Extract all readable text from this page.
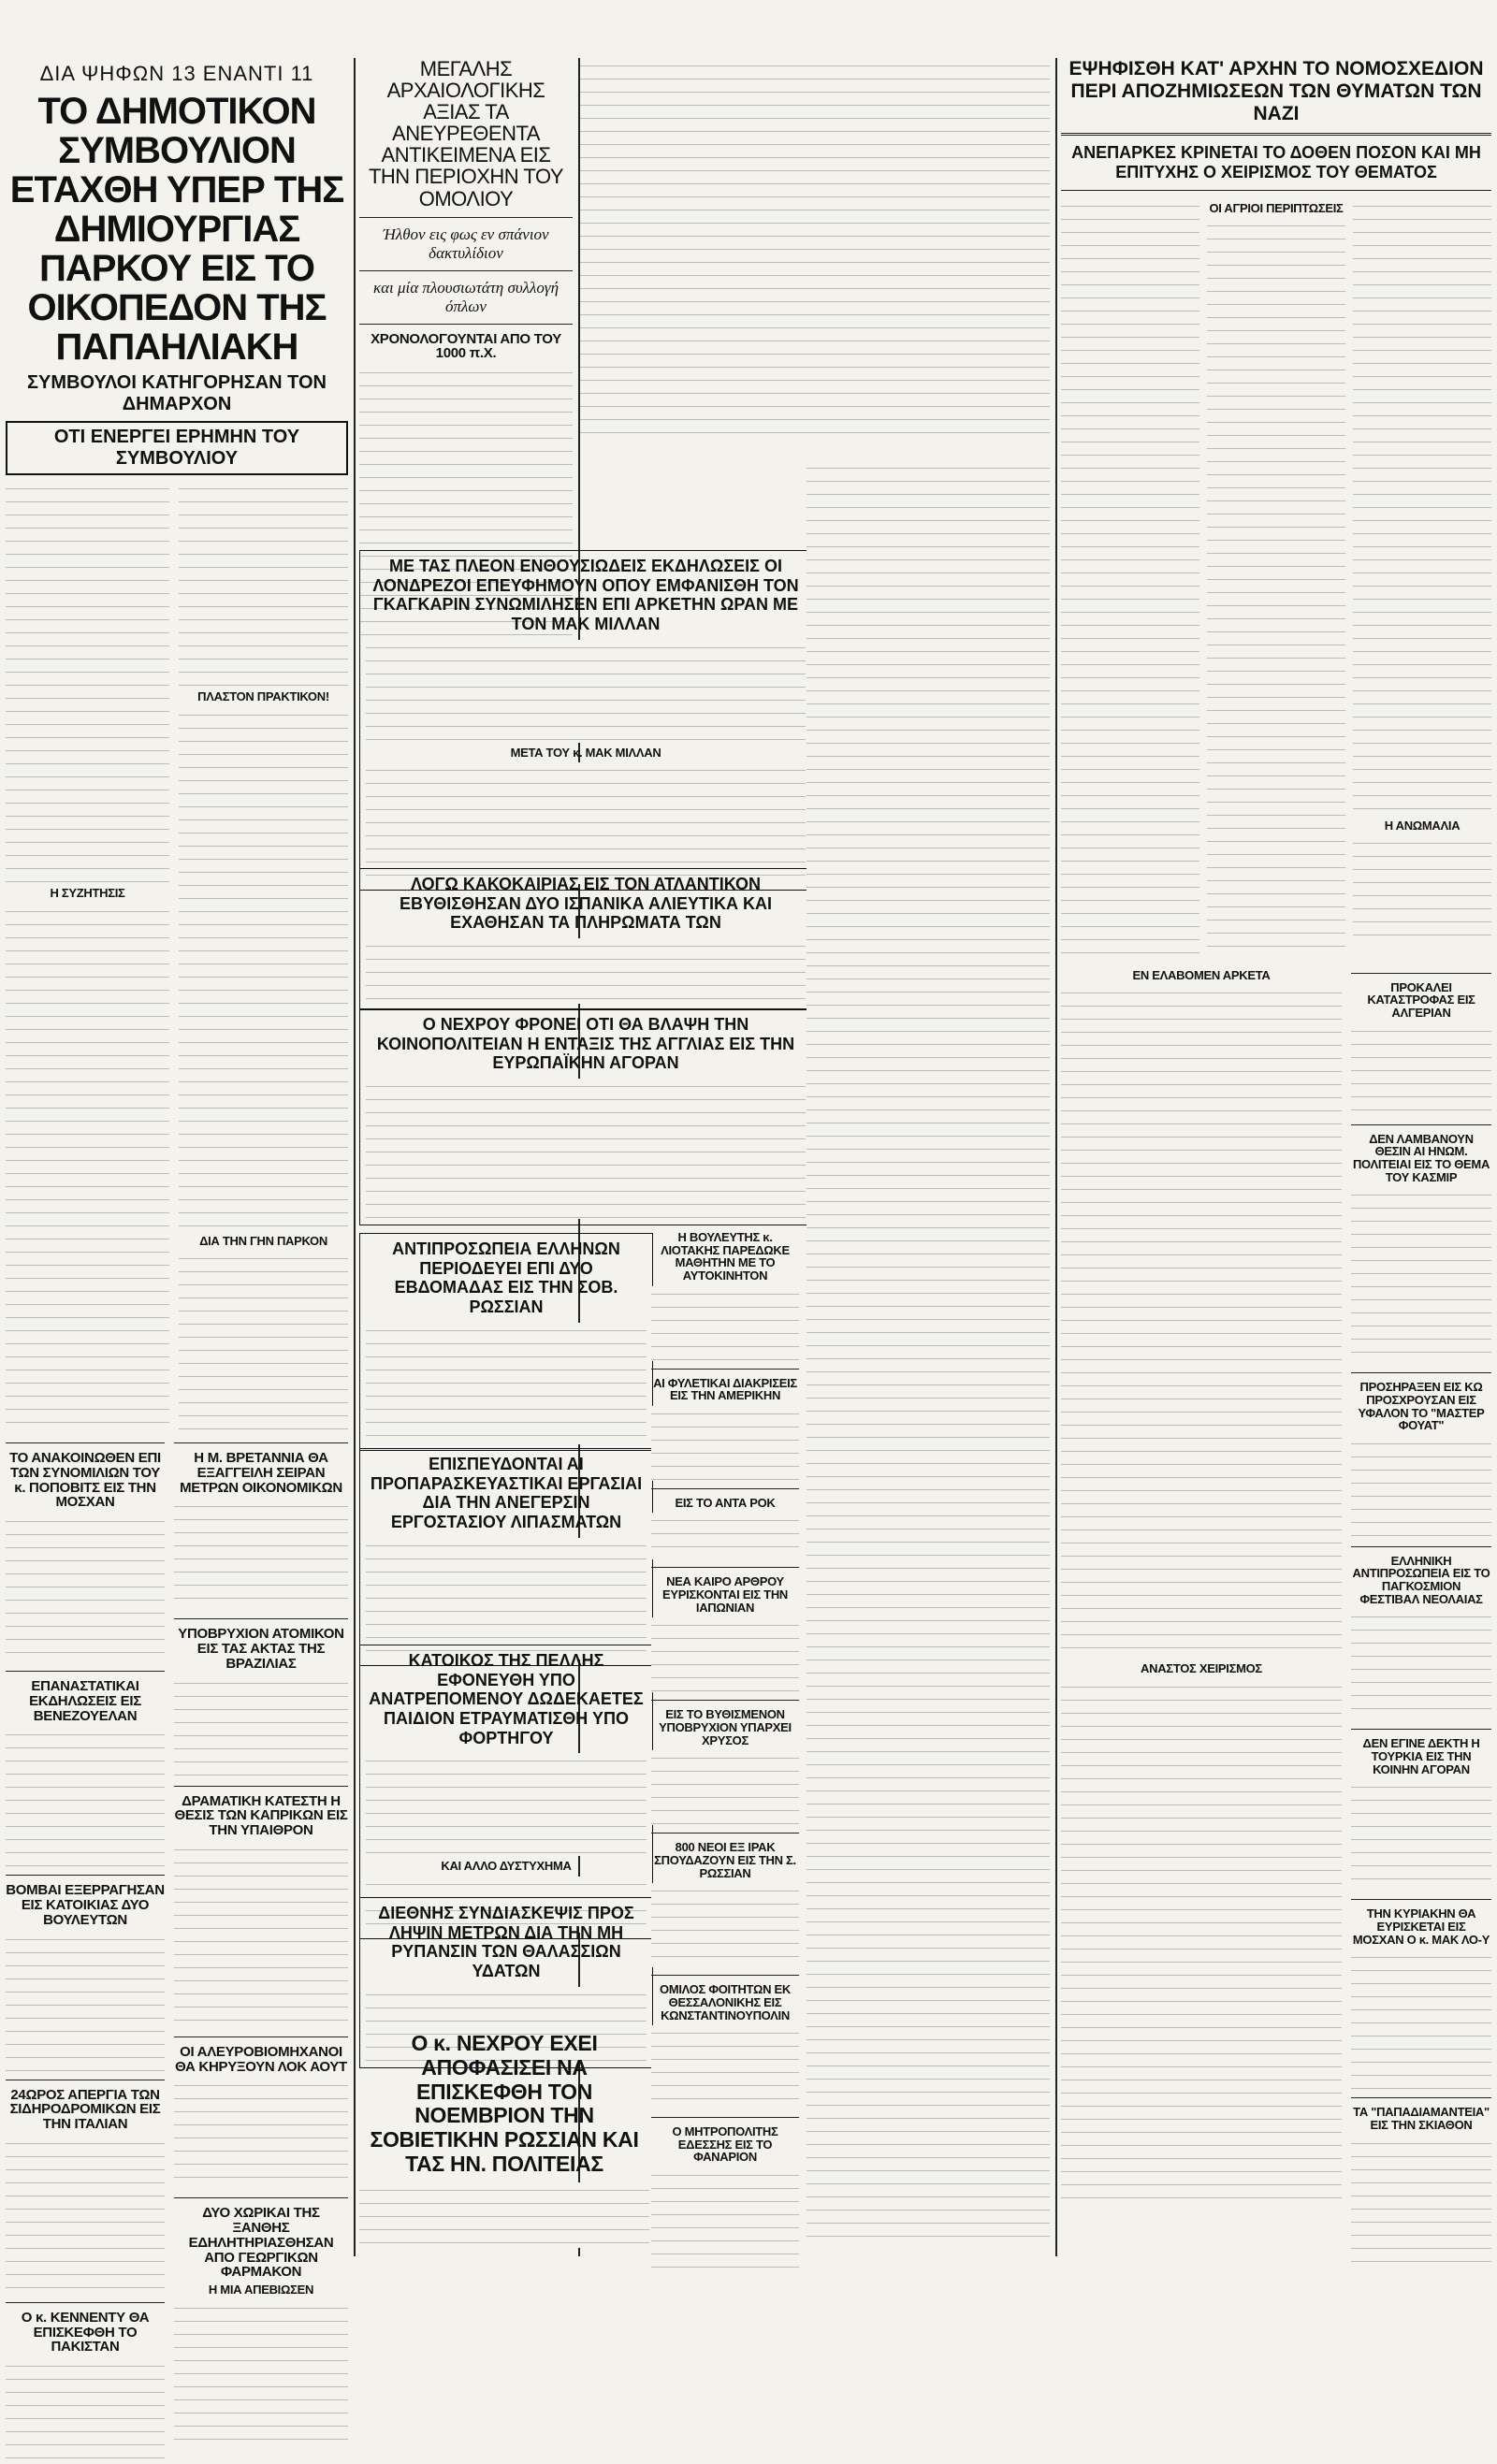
ΔΙΑ ΨΗΦΩΝ 13 ΕΝΑΝΤΙ 11
ΤΟ ΔΗΜΟΤΙΚΟΝ ΣΥΜΒΟΥΛΙΟΝ ΕΤΑΧΘΗ ΥΠΕΡ ΤΗΣ ΔΗΜΙΟΥΡΓΙΑΣ ΠΑΡΚΟΥ ΕΙΣ ΤΟ ΟΙΚΟΠΕΔΟΝ ΤΗΣ ΠΑΠΑΗΛΙΑΚΗ
ΣΥΜΒΟΥΛΟΙ ΚΑΤΗΓΟΡΗΣΑΝ ΤΟΝ ΔΗΜΑΡΧΟΝ
ΟΤΙ ΕΝΕΡΓΕΙ ΕΡΗΜΗΝ ΤΟΥ ΣΥΜΒΟΥΛΙΟΥ
Η ΣΥΖΗΤΗΣΙΣ
ΠΛΑΣΤΟΝ ΠΡΑΚΤΙΚΟΝ!
ΔΙΑ ΤΗΝ ΓΗΝ ΠΑΡΚΟΝ
ΤΟ ΑΝΑΚΟΙΝΩΘΕΝ ΕΠΙ ΤΩΝ ΣΥΝΟΜΙΛΙΩΝ ΤΟΥ κ. ΠΟΠΟΒΙΤΣ ΕΙΣ ΤΗΝ ΜΟΣΧΑΝ
ΕΠΑΝΑΣΤΑΤΙΚΑΙ ΕΚΔΗΛΩΣΕΙΣ ΕΙΣ ΒΕΝΕΖΟΥΕΛΑΝ
ΒΟΜΒΑΙ ΕΞΕΡΡΑΓΗΣΑΝ ΕΙΣ ΚΑΤΟΙΚΙΑΣ ΔΥΟ ΒΟΥΛΕΥΤΩΝ
24ΩΡΟΣ ΑΠΕΡΓΙΑ ΤΩΝ ΣΙΔΗΡΟΔΡΟΜΙΚΩΝ ΕΙΣ ΤΗΝ ΙΤΑΛΙΑΝ
Ο κ. ΚΕΝΝΕΝΤΥ ΘΑ ΕΠΙΣΚΕΦΘΗ ΤΟ ΠΑΚΙΣΤΑΝ
Η Μ. ΒΡΕΤΑΝΝΙΑ ΘΑ ΕΞΑΓΓΕΙΛΗ ΣΕΙΡΑΝ ΜΕΤΡΩΝ ΟΙΚΟΝΟΜΙΚΩΝ
ΥΠΟΒΡΥΧΙΟΝ ΑΤΟΜΙΚΟΝ ΕΙΣ ΤΑΣ ΑΚΤΑΣ ΤΗΣ ΒΡΑΖΙΛΙΑΣ
ΔΡΑΜΑΤΙΚΗ ΚΑΤΕΣΤΗ Η ΘΕΣΙΣ ΤΩΝ ΚΑΠΡΙΚΩΝ ΕΙΣ ΤΗΝ ΥΠΑΙΘΡΟΝ
ΟΙ ΑΛΕΥΡΟΒΙΟΜΗΧΑΝΟΙ ΘΑ ΚΗΡΥΞΟΥΝ ΛΟΚ ΑΟΥΤ
ΔΥΟ ΧΩΡΙΚΑΙ ΤΗΣ ΞΑΝΘΗΣ ΕΔΗΛΗΤΗΡΙΑΣΘΗΣΑΝ ΑΠΟ ΓΕΩΡΓΙΚΩΝ ΦΑΡΜΑΚΟΝ
Η ΜΙΑ ΑΠΕΒΙΩΣΕΝ
ΜΕΓΑΛΗΣ ΑΡΧΑΙΟΛΟΓΙΚΗΣ ΑΞΙΑΣ ΤΑ ΑΝΕΥΡΕΘΕΝΤΑ ΑΝΤΙΚΕΙΜΕΝΑ ΕΙΣ ΤΗΝ ΠΕΡΙΟΧΗΝ ΤΟΥ ΟΜΟΛΙΟΥ
Ήλθον εις φως εν σπάνιον δακτυλίδιον
και μία πλουσιωτάτη συλλογή όπλων
ΧΡΟΝΟΛΟΓΟΥΝΤΑΙ ΑΠΟ ΤΟΥ 1000 π.Χ.
ΜΕ ΤΑΣ ΠΛΕΟΝ ΕΝΘΟΥΣΙΩΔΕΙΣ ΕΚΔΗΛΩΣΕΙΣ ΟΙ ΛΟΝΔΡΕΖΟΙ ΕΠΕΥΦΗΜΟΥΝ ΟΠΟΥ ΕΜΦΑΝΙΣΘΗ ΤΟΝ ΓΚΑΓΚΑΡΙΝ ΣΥΝΩΜΙΛΗΣΕΝ ΕΠΙ ΑΡΚΕΤΗΝ ΩΡΑΝ ΜΕ ΤΟΝ ΜΑΚ ΜΙΛΛΑΝ
ΜΕΤΑ ΤΟΥ κ. ΜΑΚ ΜΙΛΛΑΝ
ΛΟΓΩ ΚΑΚΟΚΑΙΡΙΑΣ ΕΙΣ ΤΟΝ ΑΤΛΑΝΤΙΚΟΝ ΕΒΥΘΙΣΘΗΣΑΝ ΔΥΟ ΙΣΠΑΝΙΚΑ ΑΛΙΕΥΤΙΚΑ ΚΑΙ ΕΧΑΘΗΣΑΝ ΤΑ ΠΛΗΡΩΜΑΤΑ ΤΩΝ
Ο ΝΕΧΡΟΥ ΦΡΟΝΕΙ ΟΤΙ ΘΑ ΒΛΑΨΗ ΤΗΝ ΚΟΙΝΟΠΟΛΙΤΕΙΑΝ Η ΕΝΤΑΞΙΣ ΤΗΣ ΑΓΓΛΙΑΣ ΕΙΣ ΤΗΝ ΕΥΡΩΠΑΪΚΗΝ ΑΓΟΡΑΝ
ΑΝΤΙΠΡΟΣΩΠΕΙΑ ΕΛΛΗΝΩΝ ΠΕΡΙΟΔΕΥΕΙ ΕΠΙ ΔΥΟ ΕΒΔΟΜΑΔΑΣ ΕΙΣ ΤΗΝ ΣΟΒ. ΡΩΣΣΙΑΝ
ΕΠΙΣΠΕΥΔΟΝΤΑΙ ΑΙ ΠΡΟΠΑΡΑΣΚΕΥΑΣΤΙΚΑΙ ΕΡΓΑΣΙΑΙ ΔΙΑ ΤΗΝ ΑΝΕΓΕΡΣΙΝ ΕΡΓΟΣΤΑΣΙΟΥ ΛΙΠΑΣΜΑΤΩΝ
ΚΑΤΟΙΚΟΣ ΤΗΣ ΠΕΛΛΗΣ ΕΦΟΝΕΥΘΗ ΥΠΟ ΑΝΑΤΡΕΠΟΜΕΝΟΥ ΔΩΔΕΚΑΕΤΕΣ ΠΑΙΔΙΟΝ ΕΤΡΑΥΜΑΤΙΣΘΗ ΥΠΟ ΦΟΡΤΗΓΟΥ
ΚΑΙ ΑΛΛΟ ΔΥΣΤΥΧΗΜΑ
ΔΙΕΘΝΗΣ ΣΥΝΔΙΑΣΚΕΨΙΣ ΠΡΟΣ ΛΗΨΙΝ ΜΕΤΡΩΝ ΔΙΑ ΤΗΝ ΜΗ ΡΥΠΑΝΣΙΝ ΤΩΝ ΘΑΛΑΣΣΙΩΝ ΥΔΑΤΩΝ
Ο κ. ΝΕΧΡΟΥ ΕΧΕΙ ΑΠΟΦΑΣΙΣΕΙ ΝΑ ΕΠΙΣΚΕΦΘΗ ΤΟΝ ΝΟΕΜΒΡΙΟΝ ΤΗΝ ΣΟΒΙΕΤΙΚΗΝ ΡΩΣΣΙΑΝ ΚΑΙ ΤΑΣ ΗΝ. ΠΟΛΙΤΕΙΑΣ
Η ΒΟΥΛΕΥΤΗΣ κ. ΛΙΟΤΑΚΗΣ ΠΑΡΕΔΩΚΕ ΜΑΘΗΤΗΝ ΜΕ ΤΟ ΑΥΤΟΚΙΝΗΤΟΝ
ΑΙ ΦΥΛΕΤΙΚΑΙ ΔΙΑΚΡΙΣΕΙΣ ΕΙΣ ΤΗΝ ΑΜΕΡΙΚΗΝ
ΕΙΣ ΤΟ ΑΝΤΑ ΡΟΚ
ΝΕΑ ΚΑΙΡΟ ΑΡΘΡΟΥ ΕΥΡΙΣΚΟΝΤΑΙ ΕΙΣ ΤΗΝ ΙΑΠΩΝΙΑΝ
ΕΙΣ ΤΟ ΒΥΘΙΣΜΕΝΟΝ ΥΠΟΒΡΥΧΙΟΝ ΥΠΑΡΧΕΙ ΧΡΥΣΟΣ
800 ΝΕΟΙ ΕΞ ΙΡΑΚ ΣΠΟΥΔΑΖΟΥΝ ΕΙΣ ΤΗΝ Σ. ΡΩΣΣΙΑΝ
ΟΜΙΛΟΣ ΦΟΙΤΗΤΩΝ ΕΚ ΘΕΣΣΑΛΟΝΙΚΗΣ ΕΙΣ ΚΩΝΣΤΑΝΤΙΝΟΥΠΟΛΙΝ
Ο ΜΗΤΡΟΠΟΛΙΤΗΣ ΕΔΕΣΣΗΣ ΕΙΣ ΤΟ ΦΑΝΑΡΙΟΝ
ΕΨΗΦΙΣΘΗ ΚΑΤ' ΑΡΧΗΝ ΤΟ ΝΟΜΟΣΧΕΔΙΟΝ ΠΕΡΙ ΑΠΟΖΗΜΙΩΣΕΩΝ ΤΩΝ ΘΥΜΑΤΩΝ ΤΩΝ ΝΑΖΙ
ΑΝΕΠΑΡΚΕΣ ΚΡΙΝΕΤΑΙ ΤΟ ΔΟΘΕΝ ΠΟΣΟΝ ΚΑΙ ΜΗ ΕΠΙΤΥΧΗΣ Ο ΧΕΙΡΙΣΜΟΣ ΤΟΥ ΘΕΜΑΤΟΣ
ΟΙ ΑΓΡΙΟΙ ΠΕΡΙΠΤΩΣΕΙΣ
Η ΑΝΩΜΑΛΙΑ
ΕΝ ΕΛΑΒΟΜΕΝ ΑΡΚΕΤΑ
ΑΝΑΣΤΟΣ ΧΕΙΡΙΣΜΟΣ
ΠΡΟΚΑΛΕΙ ΚΑΤΑΣΤΡΟΦΑΣ ΕΙΣ ΑΛΓΕΡΙΑΝ
ΔΕΝ ΛΑΜΒΑΝΟΥΝ ΘΕΣΙΝ ΑΙ ΗΝΩΜ. ΠΟΛΙΤΕΙΑΙ ΕΙΣ ΤΟ ΘΕΜΑ ΤΟΥ ΚΑΣΜΙΡ
ΠΡΟΣΗΡΑΞΕΝ ΕΙΣ ΚΩ ΠΡΟΣΧΡΟΥΣΑΝ ΕΙΣ ΥΦΑΛΟΝ ΤΟ "ΜΑΣΤΕΡ ΦΟΥΑΤ"
ΕΛΛΗΝΙΚΗ ΑΝΤΙΠΡΟΣΩΠΕΙΑ ΕΙΣ ΤΟ ΠΑΓΚΟΣΜΙΟΝ ΦΕΣΤΙΒΑΛ ΝΕΟΛΑΙΑΣ
ΔΕΝ ΕΓΙΝΕ ΔΕΚΤΗ Η ΤΟΥΡΚΙΑ ΕΙΣ ΤΗΝ ΚΟΙΝΗΝ ΑΓΟΡΑΝ
ΤΗΝ ΚΥΡΙΑΚΗΝ ΘΑ ΕΥΡΙΣΚΕΤΑΙ ΕΙΣ ΜΟΣΧΑΝ Ο κ. ΜΑΚ ΛΟ-Υ
ΤΑ "ΠΑΠΑΔΙΑΜΑΝΤΕΙΑ" ΕΙΣ ΤΗΝ ΣΚΙΑΘΟΝ
